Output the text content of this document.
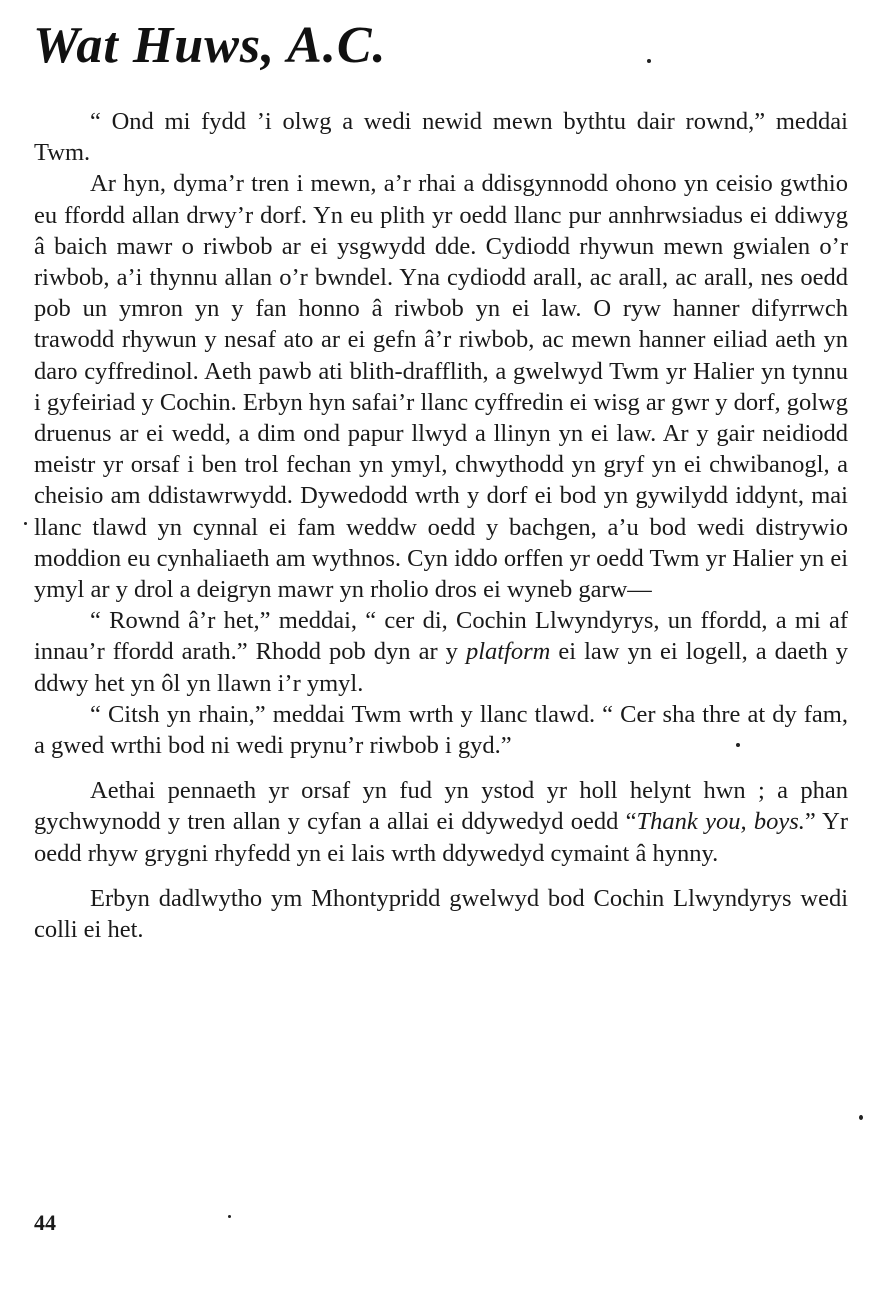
Wat Huws, A.C.

“ Ond mi fydd ’i olwg a wedi newid mewn bythtu dair rownd,” meddai Twm.

Ar hyn, dyma’r tren i mewn, a’r rhai a ddisgynnodd ohono yn ceisio gwthio eu ffordd allan drwy’r dorf. Yn eu plith yr oedd llanc pur annhrwsiadus ei ddiwyg â baich mawr o riwbob ar ei ysgwydd dde. Cydiodd rhywun mewn gwialen o’r riwbob, a’i thynnu allan o’r bwndel. Yna cydiodd arall, ac arall, ac arall, nes oedd pob un ymron yn y fan honno â riwbob yn ei law. O ryw hanner difyrrwch trawodd rhywun y nesaf ato ar ei gefn â’r riwbob, ac mewn hanner eiliad aeth yn daro cyffredinol. Aeth pawb ati blith-drafflith, a gwelwyd Twm yr Halier yn tynnu i gyfeiriad y Cochin. Erbyn hyn safai’r llanc cyffredin ei wisg ar gwr y dorf, golwg druenus ar ei wedd, a dim ond papur llwyd a llinyn yn ei law. Ar y gair neidiodd meistr yr orsaf i ben trol fechan yn ymyl, chwythodd yn gryf yn ei chwibanogl, a cheisio am ddistawrwydd. Dywedodd wrth y dorf ei bod yn gywilydd iddynt, mai llanc tlawd yn cynnal ei fam weddw oedd y bachgen, a’u bod wedi distrywio moddion eu cynhaliaeth am wythnos. Cyn iddo orffen yr oedd Twm yr Halier yn ei ymyl ar y drol a deigryn mawr yn rholio dros ei wyneb garw—

“ Rownd â’r het,” meddai, “ cer di, Cochin Llwyndyrys, un ffordd, a mi af innau’r ffordd arath.” Rhodd pob dyn ar y platform ei law yn ei logell, a daeth y ddwy het yn ôl yn llawn i’r ymyl.

“ Citsh yn rhain,” meddai Twm wrth y llanc tlawd. “ Cer sha thre at dy fam, a gwed wrthi bod ni wedi prynu’r riwbob i gyd.”

Aethai pennaeth yr orsaf yn fud yn ystod yr holl helynt hwn ; a phan gychwynodd y tren allan y cyfan a allai ei ddywedyd oedd “Thank you, boys.” Yr oedd rhyw grygni rhyfedd yn ei lais wrth ddywedyd cymaint â hynny.

Erbyn dadlwytho ym Mhontypridd gwelwyd bod Cochin Llwyndyrys wedi colli ei het.

44
